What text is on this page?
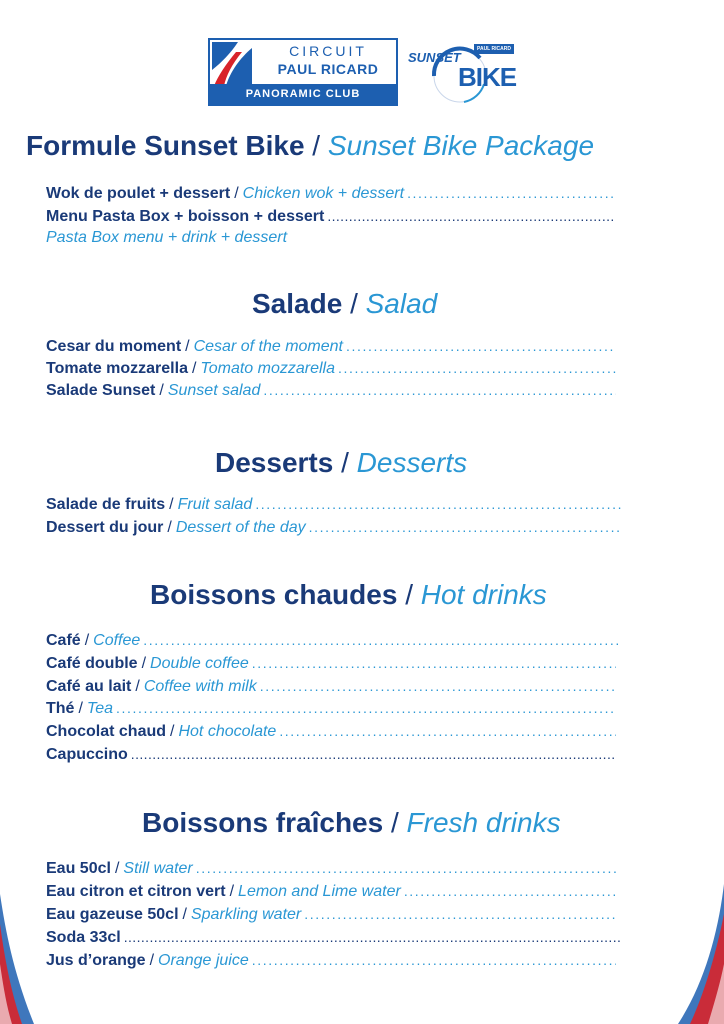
CIRCUIT
PAUL RICARD
PANORAMIC CLUB
PAUL RICARD
SUNSET
BIKE
Formule Sunset Bike / Sunset Bike Package
Wok de poulet + dessert / Chicken wok + dessert
.....
Menu Pasta Box + boisson + dessert
.....
Pasta Box menu + drink + dessert
Salade / Salad
Cesar du moment / Cesar of the moment
.....
Tomate mozzarella / Tomato mozzarella
.....
Salade Sunset / Sunset salad
.....
Desserts / Desserts
Salade de fruits / Fruit salad
.....
Dessert du jour / Dessert of the day
.....
Boissons chaudes / Hot drinks
Café / Coffee
.....
Café double / Double coffee
.....
Café au lait / Coffee with milk
.....
Thé / Tea
.....
Chocolat chaud / Hot chocolate
.....
Capuccino
.....
Boissons fraîches / Fresh drinks
Eau 50cl / Still water
.....
Eau citron et citron vert / Lemon and Lime water
.....
Eau gazeuse 50cl / Sparkling water
.....
Soda 33cl
.....
Jus d’orange / Orange juice
.....
